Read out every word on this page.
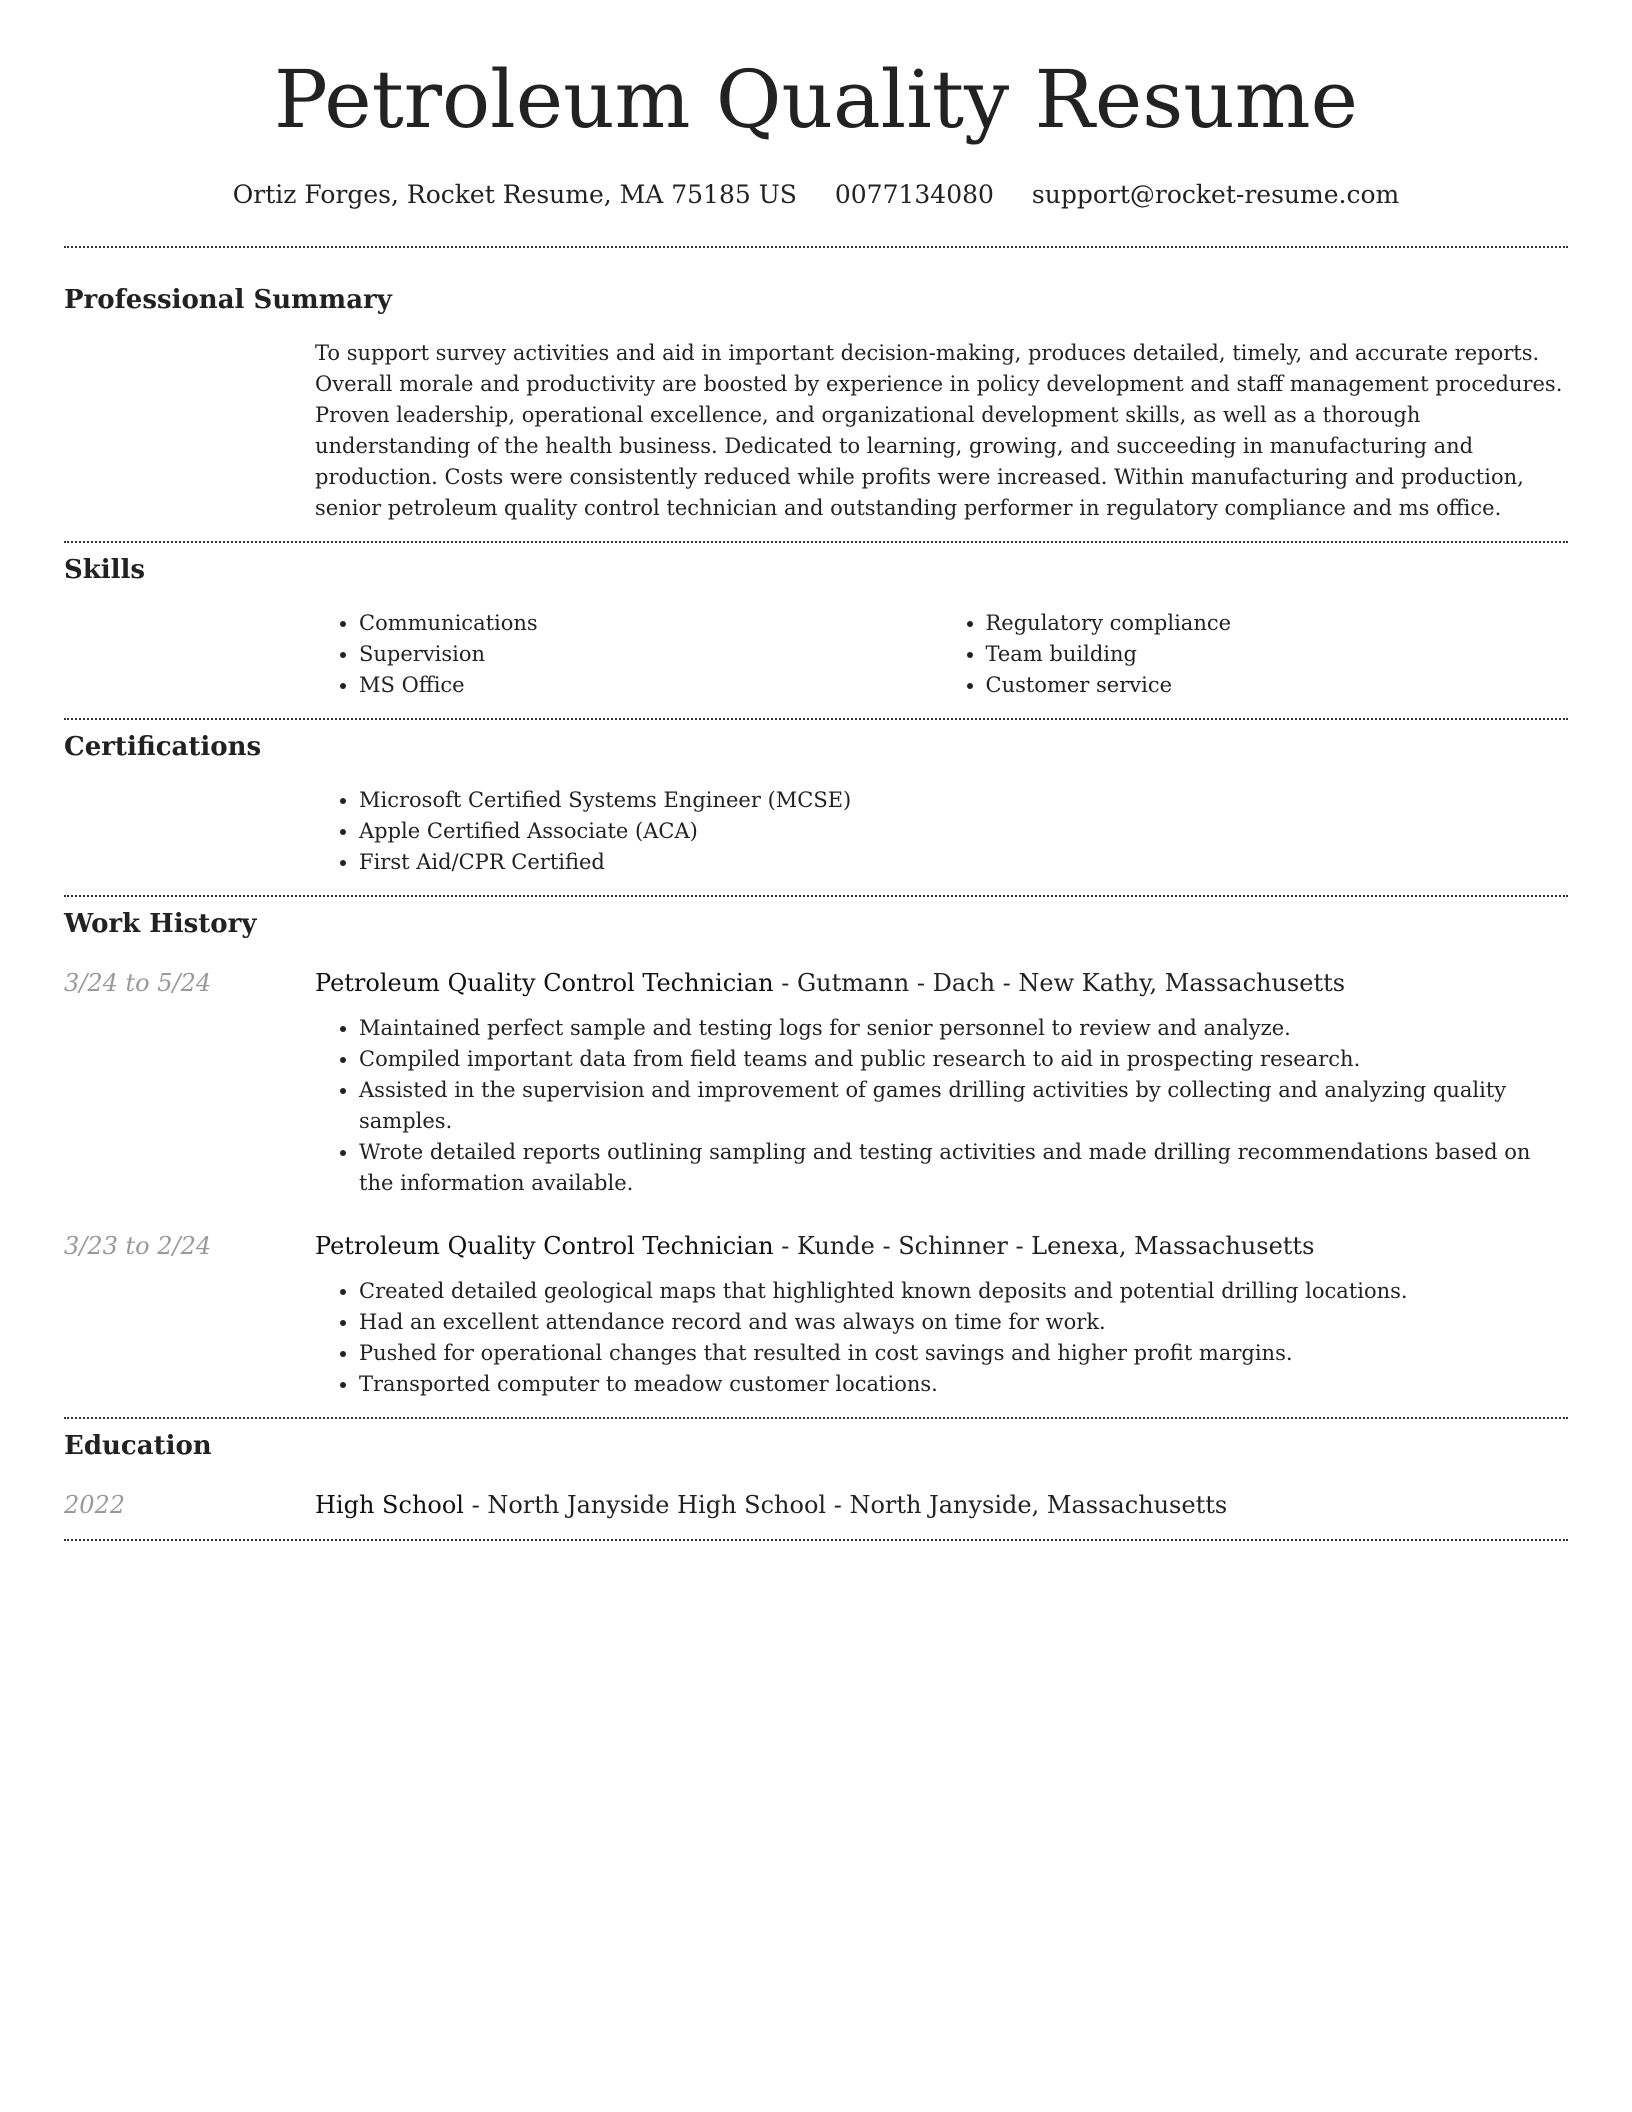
Petroleum Quality Resume
Ortiz Forges, Rocket Resume, MA 75185 US 0077134080 support@rocket-resume.com
Professional Summary

To support survey activities and aid in important decision-making, produces detailed, timely, and accurate reports. Overall morale and productivity are boosted by experience in policy development and staff management procedures. Proven leadership, operational excellence, and organizational development skills, as well as a thorough understanding of the health business. Dedicated to learning, growing, and succeeding in manufacturing and production. Costs were consistently reduced while profits were increased. Within manufacturing and production, senior petroleum quality control technician and outstanding performer in regulatory compliance and ms office.

Skills
• Communications
• Supervision
• MS Office
• Regulatory compliance
• Team building
• Customer service
Certifications
• Microsoft Certified Systems Engineer (MCSE)
• Apple Certified Associate (ACA)
• First Aid/CPR Certified
Work History
3/24 to 5/24	Petroleum Quality Control Technician - Gutmann - Dach - New Kathy, Massachusetts
• Maintained perfect sample and testing logs for senior personnel to review and analyze.
• Compiled important data from field teams and public research to aid in prospecting research.
• Assisted in the supervision and improvement of games drilling activities by collecting and analyzing quality samples.
• Wrote detailed reports outlining sampling and testing activities and made drilling recommendations based on the information available.
3/23 to 2/24	Petroleum Quality Control Technician - Kunde - Schinner - Lenexa, Massachusetts
• Created detailed geological maps that highlighted known deposits and potential drilling locations.
• Had an excellent attendance record and was always on time for work.
• Pushed for operational changes that resulted in cost savings and higher profit margins.
• Transported computer to meadow customer locations.
Education
2022	High School - North Janyside High School - North Janyside, Massachusetts
